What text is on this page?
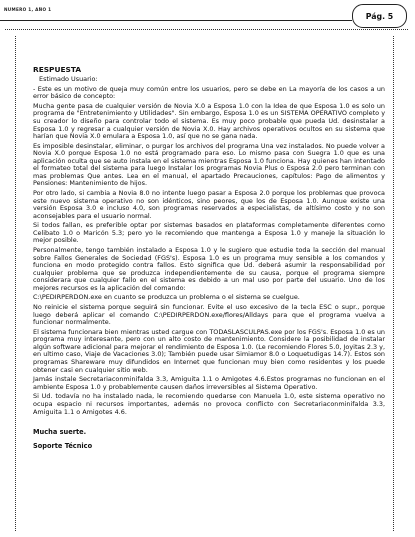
NUMERO 1, AÑO 1
Pág. 5
RESPUESTA

Estimado Usuario:

- Este es un motivo de queja muy común entre los usuarios, pero se debe en La mayoría de los casos a un error básico de concepto:

Mucha gente pasa de cualquier versión de Novia X.0 a Esposa 1.0 con la Idea de que Esposa 1.0 es solo un programa de "Entretenimiento y Utilidades". Sin embargo, Esposa 1.0 es un SISTEMA OPERATIVO completo y su creador lo diseño para controlar todo el sistema. Es muy poco probable que pueda Ud. desinstalar a Esposa 1.0 y regresar a cualquier versión de Novia X.0. Hay archivos operativos ocultos en su sistema que harían que Novia X.0 emulara a Esposa 1.0, así que no se gana nada.

Es imposible desinstalar, eliminar, o purgar los archivos del programa Una vez instalados. No puede volver a Novia X.0 porque Esposa 1.0 no está programado para eso. Lo mismo pasa con Suegra 1.0 que es una aplicación oculta que se auto instala en el sistema mientras Esposa 1.0 funciona. Hay quienes han intentado el formateo total del sistema para luego Instalar los programas Novia Plus o Esposa 2.0 pero terminan con mas problemas Que antes. Lea en el manual, el apartado Precauciones, capítulos: Pago de alimentos y Pensiones: Mantenimiento de hijos.

Por otro lado, si cambia a Novia 8.0 no intente luego pasar a Esposa 2.0 porque los problemas que provoca este nuevo sistema operativo no son idénticos, sino peores, que los de Esposa 1.0. Aunque existe una versión Esposa 3.0 e incluso 4.0, son programas reservados a especialistas, de altísimo costo y no son aconsejables para el usuario normal.

Si todos fallan, es preferible optar por sistemas basados en plataformas completamente diferentes como Celibato 1.0 o Maricón 5.3; pero yo le recomiendo que mantenga a Esposa 1.0 y maneje la situación lo mejor posible.

Personalmente, tengo también instalado a Esposa 1.0 y le sugiero que estudie toda la sección del manual sobre Fallos Generales de Sociedad (FGS's). Esposa 1.0 es un programa muy sensible a los comandos y funciona en modo protegido contra fallos. Esto significa que Ud. deberá asumir la responsabilidad por cualquier problema que se produzca independientemente de su causa, porque el programa siempre considerara que cualquier fallo en el sistema es debido a un mal uso por parte del usuario. Uno de los mejores recursos es la aplicación del comando:

C:\PEDIRPERDON.exe en cuanto se produzca un problema o el sistema se cuelgue.

No reinicie el sistema porque seguirá sin funcionar. Evite el uso excesivo de la tecla ESC o supr., porque luego deberá aplicar el comando C:\PEDIRPERDON.exe/flores/Alldays para que el programa vuelva a funcionar normalmente.

El sistema funcionara bien mientras usted cargue con TODASLASCULPAS.exe por los FGS's. Esposa 1.0 es un programa muy interesante, pero con un alto costo de mantenimiento. Considere la posibilidad de instalar algún software adicional para mejorar el rendimiento de Esposa 1.0. (Le recomiendo Flores 5.0, Joyitas 2.3 y, en ultimo caso, Viaje de Vacaciones 3.0); También puede usar Simiamor 8.0 o Loquetudigas 14.7). Estos son programas Shareware muy difundidos en Internet que funcionan muy bien como residentes y los puede obtener casi en cualquier sitio web.

Jamás instale Secretariaconminifalda 3.3, Amiguita 1.1 o Amigotes 4.6.Estos programas no funcionan en el ambiente Esposa 1.0 y probablemente causen daños irreversibles al Sistema Operativo.

Si Ud. todavía no ha instalado nada, le recomiendo quedarse con Manuela 1.0, este sistema operativo no ocupa espacio ni recursos importantes, además no provoca conflicto con Secretariaconminifalda 3.3, Amiguita 1.1 o Amigotes 4.6.

Mucha suerte.

Soporte Técnico
